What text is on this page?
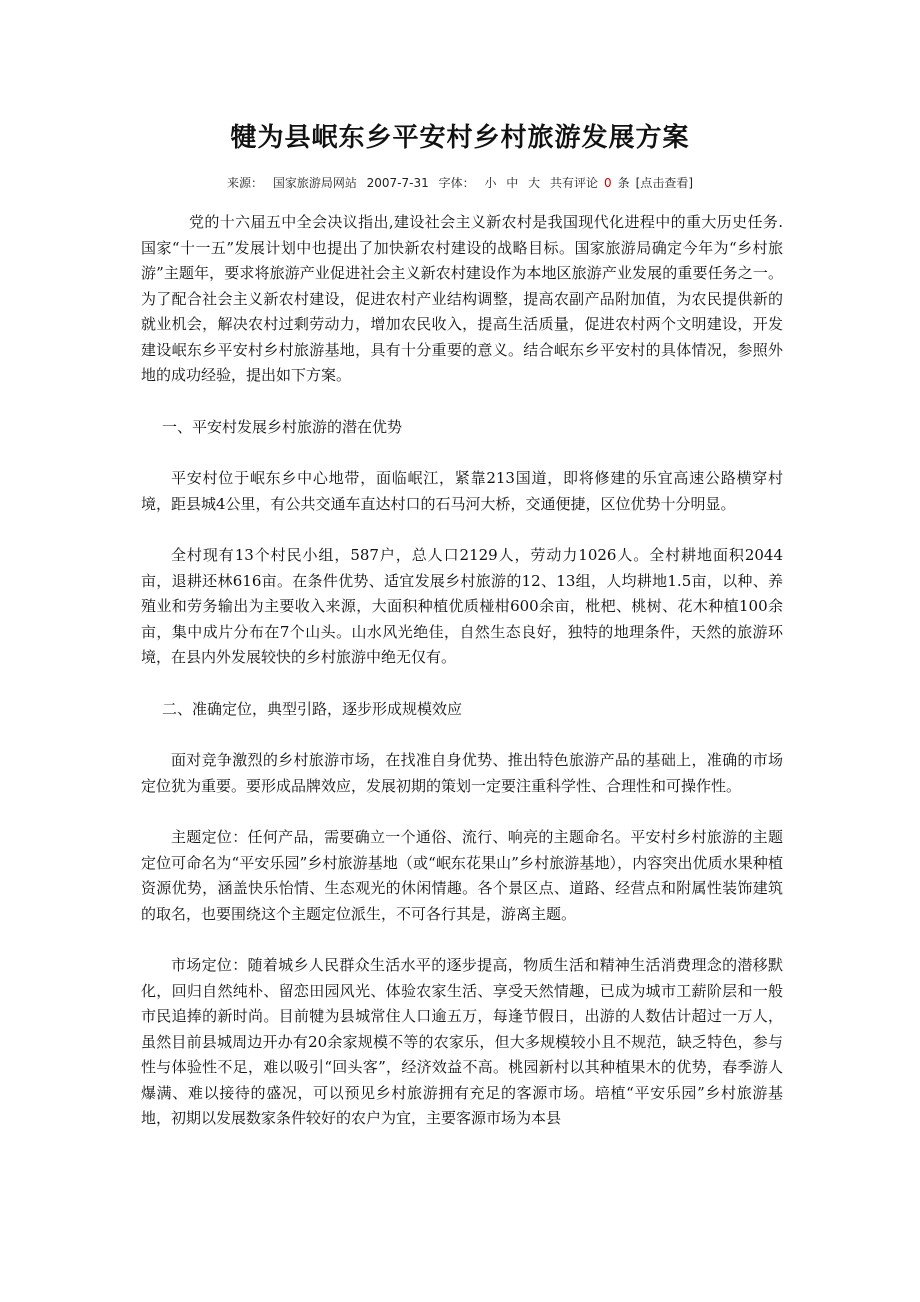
犍为县岷东乡平安村乡村旅游发展方案
来源： 国家旅游局网站 2007-7-31 字体： 小 中 大 共有评论 0 条 [点击查看]

党的十六届五中全会决议指出,建设社会主义新农村是我国现代化进程中的重大历史任务.国家“十一五”发展计划中也提出了加快新农村建设的战略目标。国家旅游局确定今年为“乡村旅游”主题年，要求将旅游产业促进社会主义新农村建设作为本地区旅游产业发展的重要任务之一。为了配合社会主义新农村建设，促进农村产业结构调整，提高农副产品附加值，为农民提供新的就业机会，解决农村过剩劳动力，增加农民收入，提高生活质量，促进农村两个文明建设，开发建设岷东乡平安村乡村旅游基地，具有十分重要的意义。结合岷东乡平安村的具体情况，参照外地的成功经验，提出如下方案。

一、平安村发展乡村旅游的潜在优势

平安村位于岷东乡中心地带，面临岷江，紧靠213国道，即将修建的乐宜高速公路横穿村境，距县城4公里，有公共交通车直达村口的石马河大桥，交通便捷，区位优势十分明显。

全村现有13个村民小组，587户，总人口2129人，劳动力1026人。全村耕地面积2044亩，退耕还林616亩。在条件优势、适宜发展乡村旅游的12、13组，人均耕地1.5亩，以种、养殖业和劳务输出为主要收入来源，大面积种植优质椪柑600余亩，枇杷、桃树、花木种植100余亩，集中成片分布在7个山头。山水风光绝佳，自然生态良好，独特的地理条件，天然的旅游环境，在县内外发展较快的乡村旅游中绝无仅有。

二、准确定位，典型引路，逐步形成规模效应

面对竞争激烈的乡村旅游市场，在找准自身优势、推出特色旅游产品的基础上，准确的市场定位犹为重要。要形成品牌效应，发展初期的策划一定要注重科学性、合理性和可操作性。

主题定位：任何产品，需要确立一个通俗、流行、响亮的主题命名。平安村乡村旅游的主题定位可命名为“平安乐园”乡村旅游基地（或“岷东花果山”乡村旅游基地），内容突出优质水果种植资源优势，涵盖快乐怡情、生态观光的休闲情趣。各个景区点、道路、经营点和附属性装饰建筑的取名，也要围绕这个主题定位派生，不可各行其是，游离主题。

市场定位：随着城乡人民群众生活水平的逐步提高，物质生活和精神生活消费理念的潜移默化，回归自然纯朴、留恋田园风光、体验农家生活、享受天然情趣，已成为城市工薪阶层和一般市民追捧的新时尚。目前犍为县城常住人口逾五万，每逢节假日，出游的人数估计超过一万人，虽然目前县城周边开办有20余家规模不等的农家乐，但大多规模较小且不规范，缺乏特色，参与性与体验性不足，难以吸引“回头客”，经济效益不高。桃园新村以其种植果木的优势，春季游人爆满、难以接待的盛况，可以预见乡村旅游拥有充足的客源市场。培植“平安乐园”乡村旅游基地，初期以发展数家条件较好的农户为宜，主要客源市场为本县
